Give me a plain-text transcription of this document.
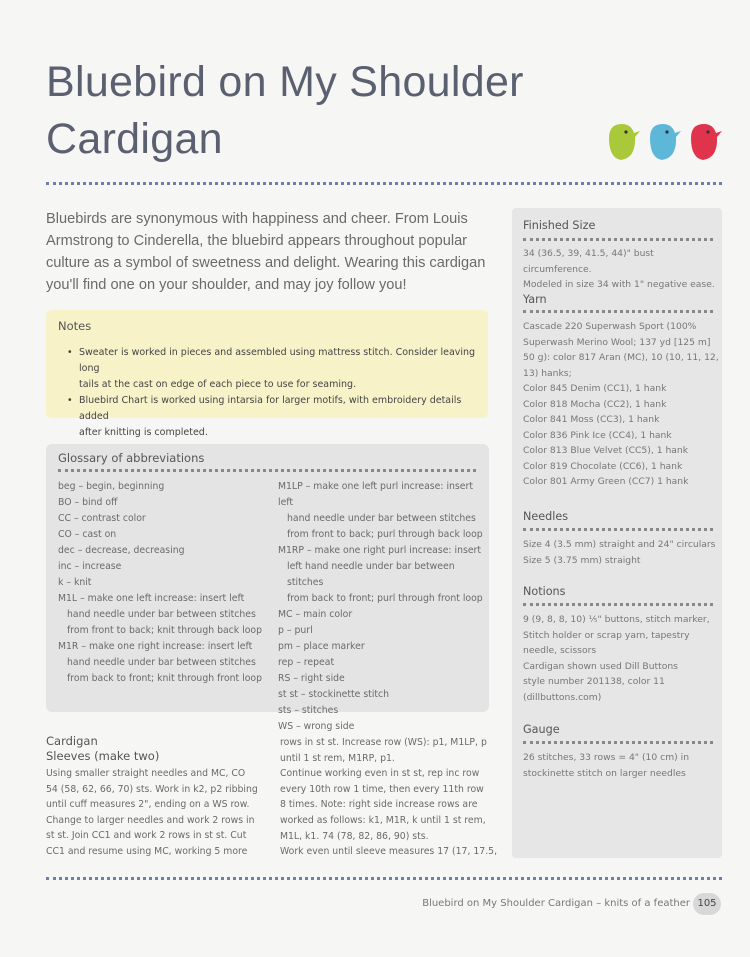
Bluebird on My Shoulder
Cardigan
Bluebirds are synonymous with happiness and cheer. From Louis
Armstrong to Cinderella, the bluebird appears throughout popular
culture as a symbol of sweetness and delight. Wearing this cardigan
you'll find one on your shoulder, and may joy follow you!
Notes
• Sweater is worked in pieces and assembled using mattress stitch. Consider leaving long
tails at the cast on edge of each piece to use for seaming.
• Bluebird Chart is worked using intarsia for larger motifs, with embroidery details added
after knitting is completed.
Glossary of abbreviations
beg – begin, beginning
BO – bind off
CC – contrast color
CO – cast on
dec – decrease, decreasing
inc – increase
k – knit
M1L – make one left increase: insert left
hand needle under bar between stitches
from front to back; knit through back loop
M1R – make one right increase: insert left
hand needle under bar between stitches
from back to front; knit through front loop
M1LP – make one left purl increase: insert left
hand needle under bar between stitches
from front to back; purl through back loop
M1RP – make one right purl increase: insert
left hand needle under bar between stitches
from back to front; purl through front loop
MC – main color
p – purl
pm – place marker
rep – repeat
RS – right side
st st – stockinette stitch
sts – stitches
WS – wrong side
Cardigan
Sleeves (make two)
Using smaller straight needles and MC, CO
54 (58, 62, 66, 70) sts. Work in k2, p2 ribbing
until cuff measures 2", ending on a WS row.
Change to larger needles and work 2 rows in
st st. Join CC1 and work 2 rows in st st. Cut
CC1 and resume using MC, working 5 more
rows in st st. Increase row (WS): p1, M1LP, p
until 1 st rem, M1RP, p1.
Continue working even in st st, rep inc row
every 10th row 1 time, then every 11th row
8 times. Note: right side increase rows are
worked as follows: k1, M1R, k until 1 st rem,
M1L, k1. 74 (78, 82, 86, 90) sts.
Work even until sleeve measures 17 (17, 17.5,
Finished Size
34 (36.5, 39, 41.5, 44)" bust circumference.
Modeled in size 34 with 1" negative ease.
Yarn
Cascade 220 Superwash Sport (100%
Superwash Merino Wool; 137 yd [125 m]
50 g): color 817 Aran (MC), 10 (10, 11, 12,
13) hanks;
Color 845 Denim (CC1), 1 hank
Color 818 Mocha (CC2), 1 hank
Color 841 Moss (CC3), 1 hank
Color 836 Pink Ice (CC4), 1 hank
Color 813 Blue Velvet (CC5), 1 hank
Color 819 Chocolate (CC6), 1 hank
Color 801 Army Green (CC7) 1 hank
Needles
Size 4 (3.5 mm) straight and 24" circulars
Size 5 (3.75 mm) straight
Notions
9 (9, 8, 8, 10) ⅕" buttons, stitch marker,
Stitch holder or scrap yarn, tapestry
needle, scissors
Cardigan shown used Dill Buttons
style number 201138, color 11
(dillbuttons.com)
Gauge
26 stitches, 33 rows = 4" (10 cm) in
stockinette stitch on larger needles
Bluebird on My Shoulder Cardigan – knits of a feather 105
